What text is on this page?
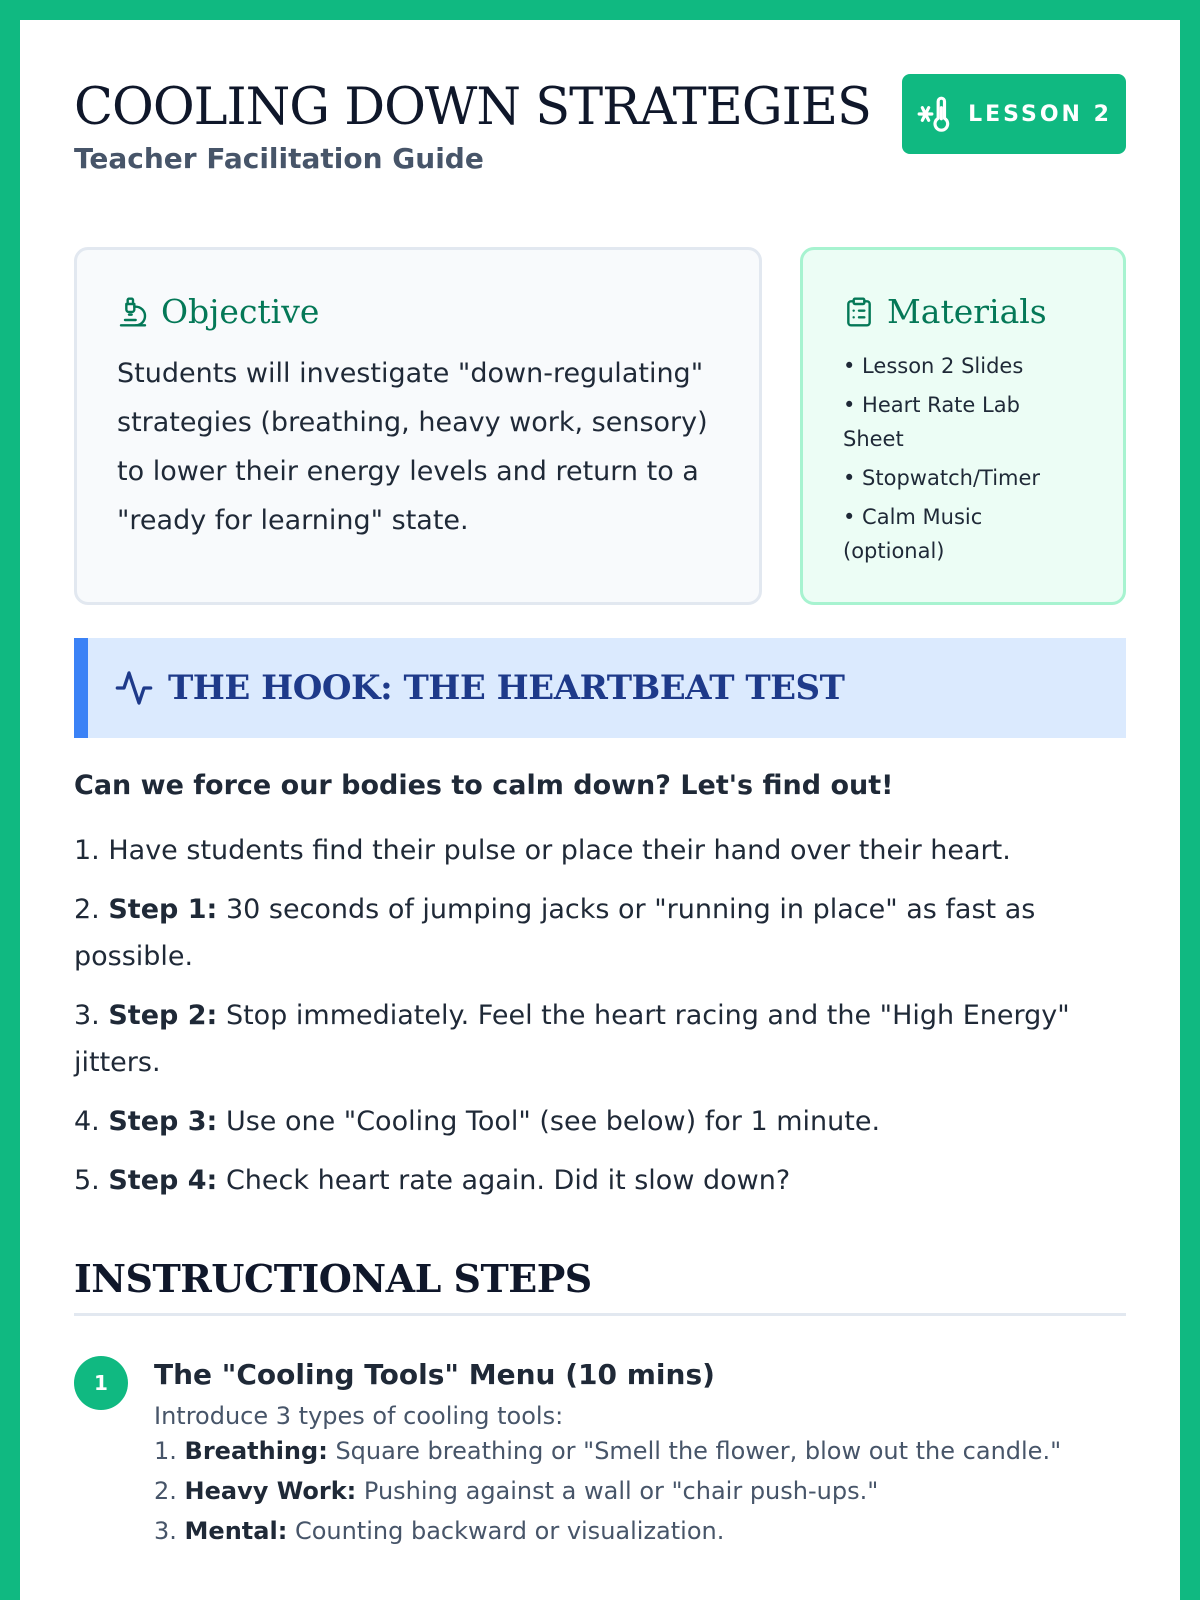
COOLING DOWN STRATEGIES
Teacher Facilitation Guide
LESSON 2
Objective

Students will investigate "down-regulating" strategies (breathing, heavy work, sensory) to lower their energy levels and return to a "ready for learning" state.

Materials
• Lesson 2 Slides
• Heart Rate Lab Sheet
• Stopwatch/Timer
• Calm Music (optional)
THE HOOK: THE HEARTBEAT TEST

Can we force our bodies to calm down? Let's find out!

1. Have students find their pulse or place their hand over their heart.
2. Step 1: 30 seconds of jumping jacks or "running in place" as fast as possible.
3. Step 2: Stop immediately. Feel the heart racing and the "High Energy" jitters.
4. Step 3: Use one "Cooling Tool" (see below) for 1 minute.
5. Step 4: Check heart rate again. Did it slow down?
INSTRUCTIONAL STEPS
1	The "Cooling Tools" Menu (10 mins)
Introduce 3 types of cooling tools:
1. Breathing: Square breathing or "Smell the flower, blow out the candle."
2. Heavy Work: Pushing against a wall or "chair push-ups."
3. Mental: Counting backward or visualization.
